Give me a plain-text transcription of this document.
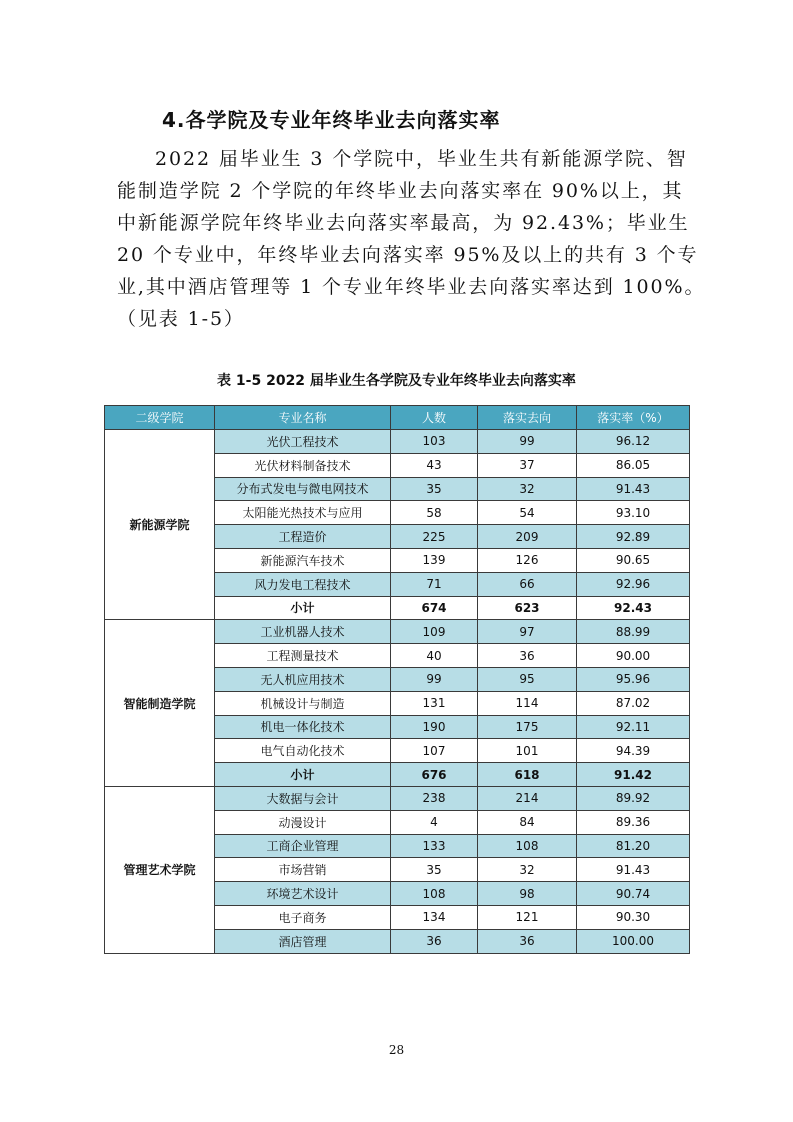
4.各学院及专业年终毕业去向落实率

2022 届毕业生 3 个学院中，毕业生共有新能源学院、智
能制造学院 2 个学院的年终毕业去向落实率在 90%以上，其
中新能源学院年终毕业去向落实率最高，为 92.43%；毕业生
20 个专业中，年终毕业去向落实率 95%及以上的共有 3 个专
业,其中酒店管理等 1 个专业年终毕业去向落实率达到 100%。
（见表 1-5）

表 1-5 2022 届毕业生各学院及专业年终毕业去向落实率
二级学院	专业名称	人数	落实去向	落实率（%）
新能源学院	光伏工程技术	103	99	96.12
	光伏材料制备技术	43	37	86.05
	分布式发电与微电网技术	35	32	91.43
	太阳能光热技术与应用	58	54	93.10
	工程造价	225	209	92.89
	新能源汽车技术	139	126	90.65
	风力发电工程技术	71	66	92.96
	小计	674	623	92.43
智能制造学院	工业机器人技术	109	97	88.99
	工程测量技术	40	36	90.00
	无人机应用技术	99	95	95.96
	机械设计与制造	131	114	87.02
	机电一体化技术	190	175	92.11
	电气自动化技术	107	101	94.39
	小计	676	618	91.42
管理艺术学院	大数据与会计	238	214	89.92
	动漫设计	4	84	89.36
	工商企业管理	133	108	81.20
	市场营销	35	32	91.43
	环境艺术设计	108	98	90.74
	电子商务	134	121	90.30
	酒店管理	36	36	100.00
28
